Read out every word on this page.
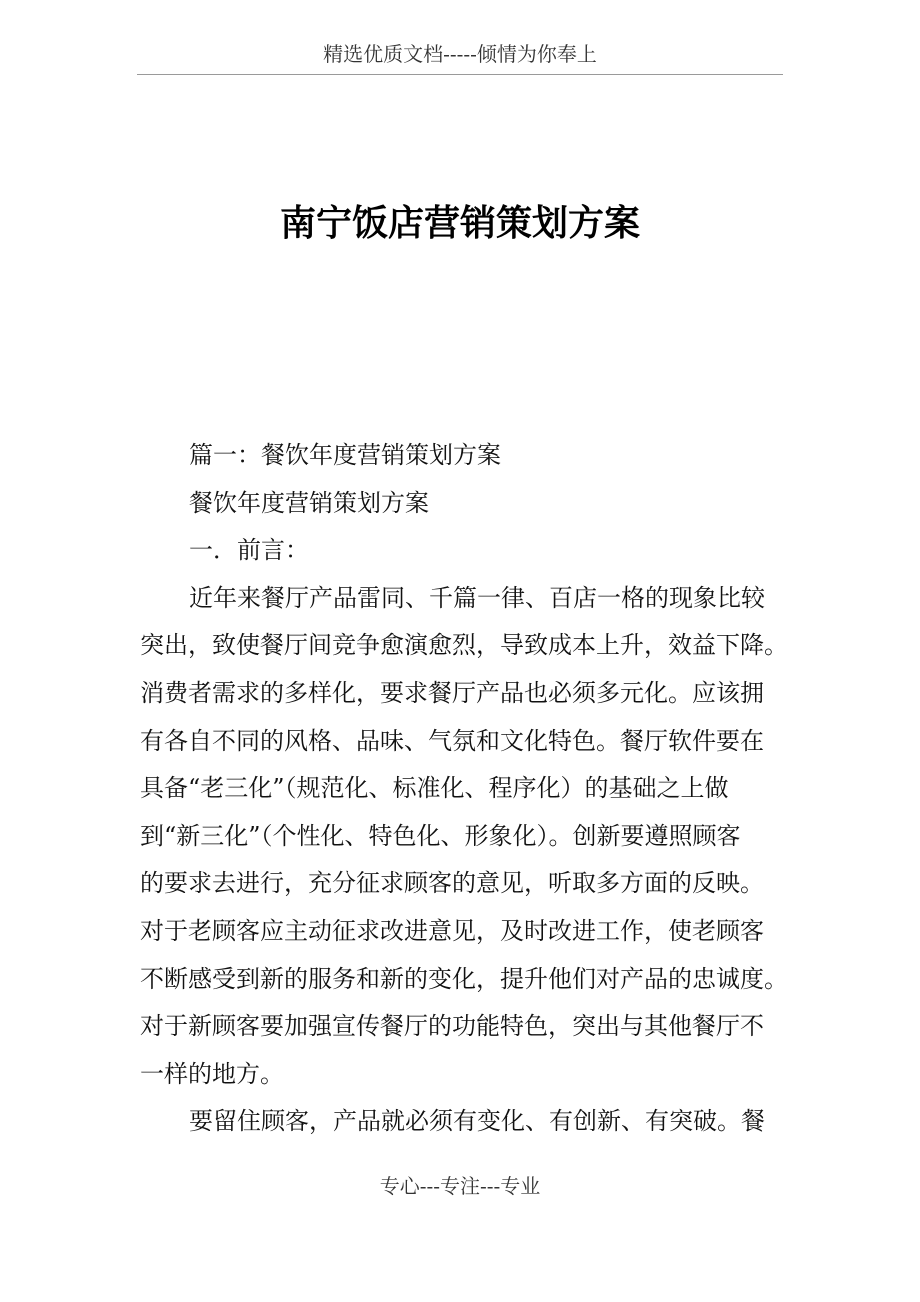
精选优质文档-----倾情为你奉上
南宁饭店营销策划方案
篇一：餐饮年度营销策划方案
餐饮年度营销策划方案
一．前言：
近年来餐厅产品雷同、千篇一律、百店一格的现象比较
突出，致使餐厅间竞争愈演愈烈，导致成本上升，效益下降。
消费者需求的多样化，要求餐厅产品也必须多元化。应该拥
有各自不同的风格、品味、气氛和文化特色。餐厅软件要在
具备“老三化”（规范化、标准化、程序化）的基础之上做
到“新三化”（个性化、特色化、形象化）。创新要遵照顾客
的要求去进行，充分征求顾客的意见，听取多方面的反映。
对于老顾客应主动征求改进意见，及时改进工作，使老顾客
不断感受到新的服务和新的变化，提升他们对产品的忠诚度。
对于新顾客要加强宣传餐厅的功能特色，突出与其他餐厅不
一样的地方。
要留住顾客，产品就必须有变化、有创新、有突破。餐
专心---专注---专业
